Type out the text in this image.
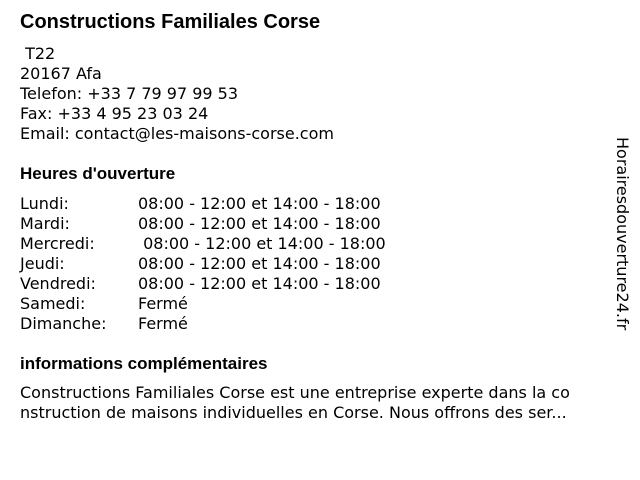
Constructions Familiales Corse
T22
20167 Afa
Telefon: +33 7 79 97 99 53
Fax: +33 4 95 23 03 24
Email: contact@les-maisons-corse.com
Heures d'ouverture
Lundi:	08:00 - 12:00 et 14:00 - 18:00
Mardi:	08:00 - 12:00 et 14:00 - 18:00
Mercredi:	08:00 - 12:00 et 14:00 - 18:00
Jeudi:	08:00 - 12:00 et 14:00 - 18:00
Vendredi:	08:00 - 12:00 et 14:00 - 18:00
Samedi:	Fermé
Dimanche:	Fermé
informations complémentaires
Constructions Familiales Corse est une entreprise experte dans la co
nstruction de maisons individuelles en Corse. Nous offrons des ser...
Horairesdouverture24.fr
